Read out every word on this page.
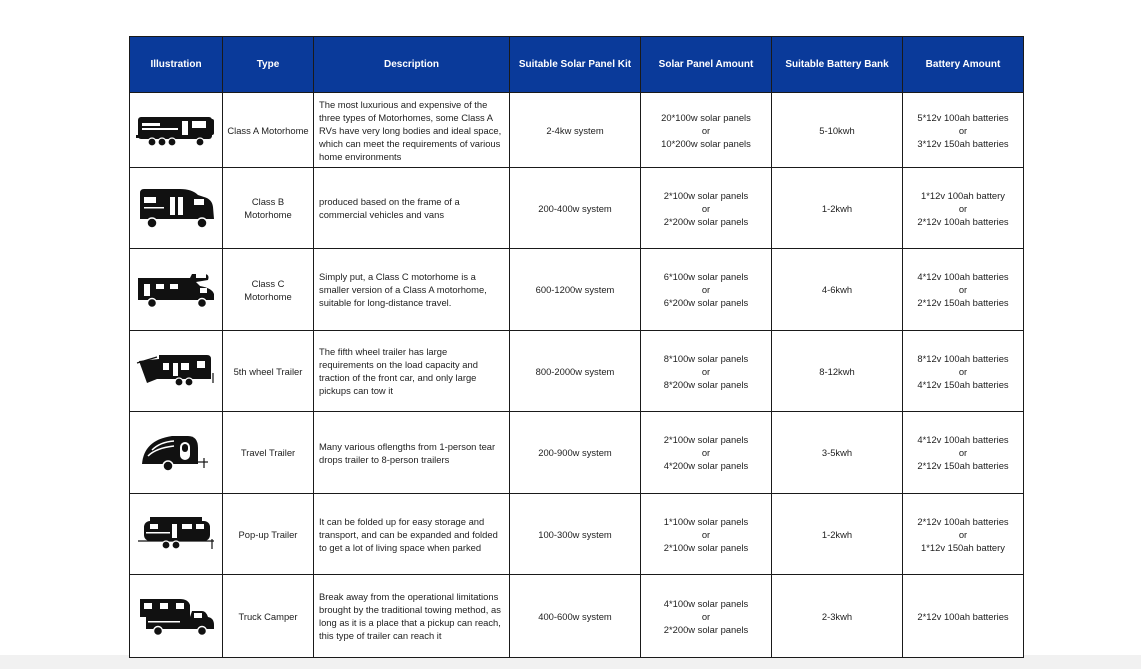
Illustration	Type	Description	Suitable Solar Panel Kit	Solar Panel Amount	Suitable Battery Bank	Battery Amount

	Class A Motorhome	The most luxurious and expensive of the three types of Motorhomes, some Class A RVs have very long bodies and ideal space, which can meet the requirements of various home environments	2-4kw system	20*100w solar panels
or
10*200w solar panels	5-10kwh	5*12v 100ah batteries
or
3*12v 150ah batteries

	Class B Motorhome	produced based on the frame of a commercial vehicles and vans	200-400w system	2*100w solar panels
or
2*200w solar panels	1-2kwh	1*12v 100ah battery
or
2*12v 100ah batteries

	Class C Motorhome	Simply put, a Class C motorhome is a smaller version of a Class A motorhome, suitable for long-distance travel.	600-1200w system	6*100w solar panels
or
6*200w solar panels	4-6kwh	4*12v 100ah batteries
or
2*12v 150ah batteries

	5th wheel Trailer	The fifth wheel trailer has large requirements on the load capacity and traction of the front car, and only large pickups can tow it	800-2000w system	8*100w solar panels
or
8*200w solar panels	8-12kwh	8*12v 100ah batteries
or
4*12v 150ah batteries

	Travel Trailer	Many various oflengths from 1-person tear drops trailer to 8-person trailers	200-900w system	2*100w solar panels
or
4*200w solar panels	3-5kwh	4*12v 100ah batteries
or
2*12v 150ah batteries

	Pop-up Trailer	It can be folded up for easy storage and transport, and can be expanded and folded to get a lot of living space when parked	100-300w system	1*100w solar panels
or
2*100w solar panels	1-2kwh	2*12v 100ah batteries
or
1*12v 150ah battery

	Truck Camper	Break away from the operational limitations brought by the traditional towing method, as long as it is a place that a pickup can reach, this type of trailer can reach it	400-600w system	4*100w solar panels
or
2*200w solar panels	2-3kwh	2*12v 100ah batteries
